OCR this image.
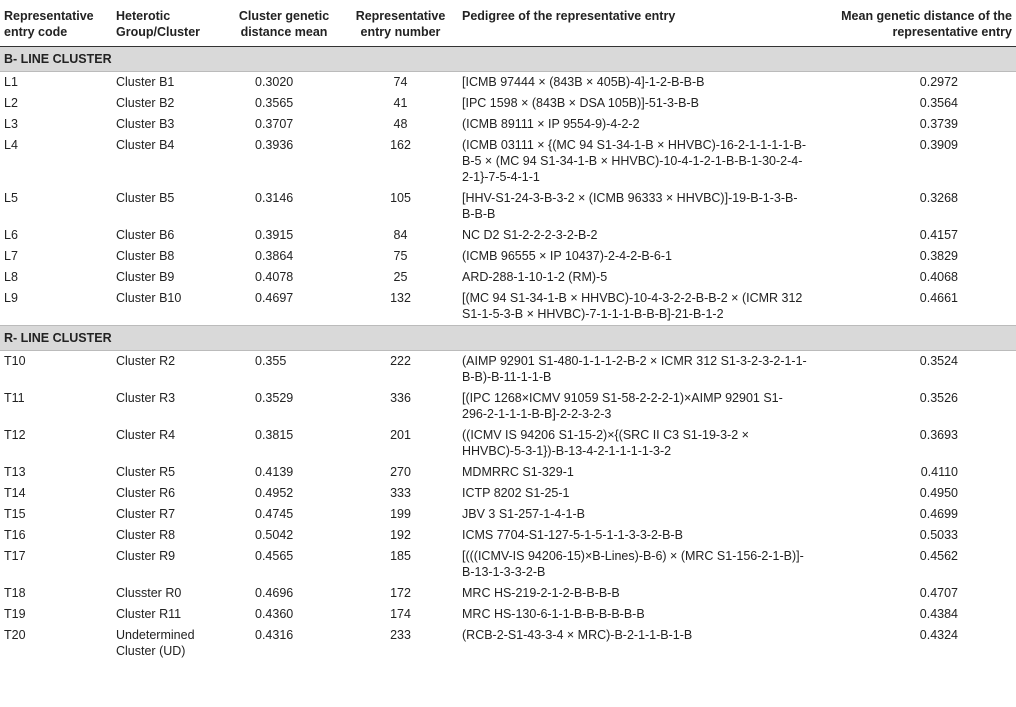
Representative entry code	Heterotic Group/Cluster	Cluster genetic distance mean	Representative entry number	Pedigree of the representative entry	Mean genetic distance of the representative entry
B- LINE CLUSTER					
L1	Cluster B1	0.3020	74	[ICMB 97444 × (843B × 405B)-4]-1-2-B-B-B	0.2972
L2	Cluster B2	0.3565	41	[IPC 1598 × (843B × DSA 105B)]-51-3-B-B	0.3564
L3	Cluster B3	0.3707	48	(ICMB 89111 × IP 9554-9)-4-2-2	0.3739
L4	Cluster B4	0.3936	162	(ICMB 03111 × {(MC 94 S1-34-1-B × HHVBC)-16-2-1-1-1-1-B-B-5 × (MC 94 S1-34-1-B × HHVBC)-10-4-1-2-1-B-B-1-30-2-4-2-1}-7-5-4-1-1	0.3909
L5	Cluster B5	0.3146	105	[HHV-S1-24-3-B-3-2 × (ICMB 96333 × HHVBC)]-19-B-1-3-B-B-B-B	0.3268
L6	Cluster B6	0.3915	84	NC D2 S1-2-2-2-3-2-B-2	0.4157
L7	Cluster B8	0.3864	75	(ICMB 96555 × IP 10437)-2-4-2-B-6-1	0.3829
L8	Cluster B9	0.4078	25	ARD-288-1-10-1-2 (RM)-5	0.4068
L9	Cluster B10	0.4697	132	[(MC 94 S1-34-1-B × HHVBC)-10-4-3-2-2-B-B-2 × (ICMR 312 S1-1-5-3-B × HHVBC)-7-1-1-1-B-B-B]-21-B-1-2	0.4661
R- LINE CLUSTER					
T10	Cluster R2	0.355	222	(AIMP 92901 S1-480-1-1-1-2-B-2 × ICMR 312 S1-3-2-3-2-1-1-B-B)-B-11-1-1-B	0.3524
T11	Cluster R3	0.3529	336	[(IPC 1268×ICMV 91059 S1-58-2-2-2-1)×AIMP 92901 S1-296-2-1-1-1-B-B]-2-2-3-2-3	0.3526
T12	Cluster R4	0.3815	201	((ICMV IS 94206 S1-15-2)×{(SRC II C3 S1-19-3-2 × HHVBC)-5-3-1})-B-13-4-2-1-1-1-1-3-2	0.3693
T13	Cluster R5	0.4139	270	MDMRRC S1-329-1	0.4110
T14	Cluster R6	0.4952	333	ICTP 8202 S1-25-1	0.4950
T15	Cluster R7	0.4745	199	JBV 3 S1-257-1-4-1-B	0.4699
T16	Cluster R8	0.5042	192	ICMS 7704-S1-127-5-1-5-1-1-3-3-2-B-B	0.5033
T17	Cluster R9	0.4565	185	[(((ICMV-IS 94206-15)×B-Lines)-B-6) × (MRC S1-156-2-1-B)]-B-13-1-3-3-2-B	0.4562
T18	Clusster R0	0.4696	172	MRC HS-219-2-1-2-B-B-B-B	0.4707
T19	Cluster R11	0.4360	174	MRC HS-130-6-1-1-B-B-B-B-B-B	0.4384
T20	Undetermined Cluster (UD)	0.4316	233	(RCB-2-S1-43-3-4 × MRC)-B-2-1-1-B-1-B	0.4324
